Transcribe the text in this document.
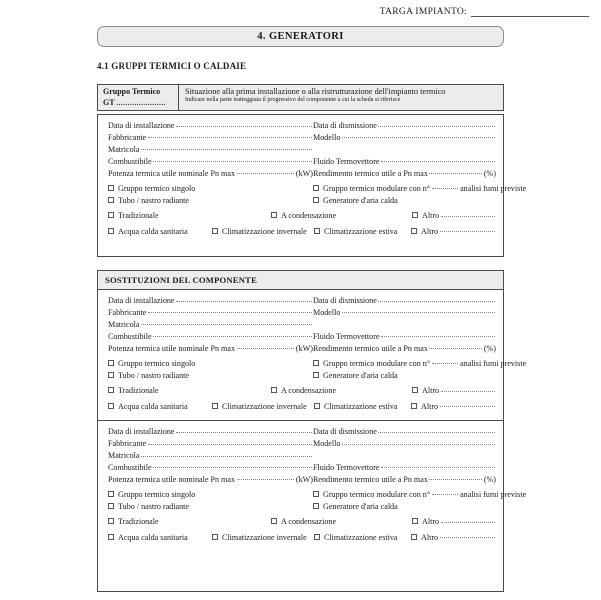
TARGA IMPIANTO:
4. GENERATORI
4.1 GRUPPI TERMICI O CALDAIE
Gruppo Termico
GT ......................
Situazione alla prima installazione o alla ristrutturazione dell'impianto termico
Indicare nella parte tratteggiata il progressivo del componente a cui la scheda si riferisce
Data di installazione	Data di dismissione
Fabbricante	Modello
Matricola
Combustibile	Fluido Termovettore
Potenza termica utile nominale Pn max	(kW) Rendimento termico utile a Pn max	(%)
Gruppo termico singolo	Gruppo termico modulare con n°	analisi fumi previste
Tubo / nastro radiante	Generatore d'aria calda
Tradizionale	A condensazione	Altro
Acqua calda sanitaria	Climatizzazione invernale Climatizzazione estiva	Altro
SOSTITUZIONI DEL COMPONENTE
Data di installazione	Data di dismissione
Fabbricante	Modello
Matricola
Combustibile	Fluido Termovettore
Potenza termica utile nominale Pn max	(kW) Rendimento termico utile a Pn max	(%)
Gruppo termico singolo	Gruppo termico modulare con n°	analisi fumi previste
Tubo / nastro radiante	Generatore d'aria calda
Tradizionale	A condensazione	Altro
Acqua calda sanitaria	Climatizzazione invernale Climatizzazione estiva	Altro
Data di installazione	Data di dismissione
Fabbricante	Modello
Matricola
Combustibile	Fluido Termovettore
Potenza termica utile nominale Pn max	(kW) Rendimento termico utile a Pn max	(%)
Gruppo termico singolo	Gruppo termico modulare con n°	analisi fumi previste
Tubo / nastro radiante	Generatore d'aria calda
Tradizionale	A condensazione	Altro
Acqua calda sanitaria	Climatizzazione invernale Climatizzazione estiva	Altro
